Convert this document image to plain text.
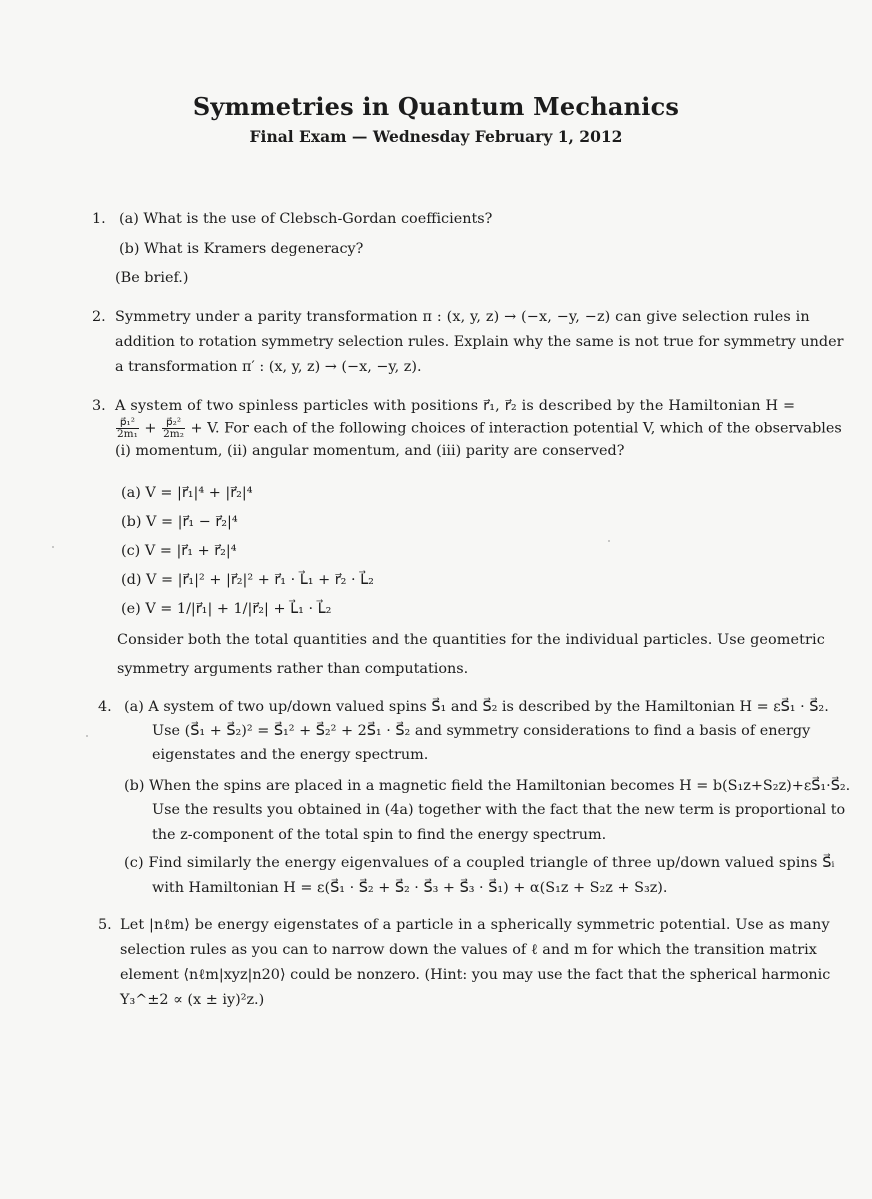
Symmetries in Quantum Mechanics
Final Exam — Wednesday February 1, 2012
1. (a) What is the use of Clebsch-Gordan coefficients?
(b) What is Kramers degeneracy?
(Be brief.)
2. Symmetry under a parity transformation π : (x, y, z) → (−x, −y, −z) can give selection rules in
addition to rotation symmetry selection rules. Explain why the same is not true for symmetry under
a transformation π′ : (x, y, z) → (−x, −y, z).
3. A system of two spinless particles with positions r⃗₁, r⃗₂ is described by the Hamiltonian H =
$\frac{\text{p⃗₁²}}{\text{2m₁}} + \frac{\text{p⃗₂²}}{\text{2m₂}} + V$. For each of the following choices of interaction potential V, which of the observables
(i) momentum, (ii) angular momentum, and (iii) parity are conserved?
(a) V = |r⃗₁|⁴ + |r⃗₂|⁴
(b) V = |r⃗₁ − r⃗₂|⁴
(c) V = |r⃗₁ + r⃗₂|⁴
(d) V = |r⃗₁|² + |r⃗₂|² + r⃗₁ · L⃗₁ + r⃗₂ · L⃗₂
(e) V = 1/|r⃗₁| + 1/|r⃗₂| + L⃗₁ · L⃗₂
Consider both the total quantities and the quantities for the individual particles. Use geometric
symmetry arguments rather than computations.
4. (a) A system of two up/down valued spins S⃗₁ and S⃗₂ is described by the Hamiltonian H = εS⃗₁ · S⃗₂.
Use (S⃗₁ + S⃗₂)² = S⃗₁² + S⃗₂² + 2S⃗₁ · S⃗₂ and symmetry considerations to find a basis of energy
eigenstates and the energy spectrum.
(b) When the spins are placed in a magnetic field the Hamiltonian becomes H = b(S₁z+S₂z)+εS⃗₁·S⃗₂.
Use the results you obtained in (4a) together with the fact that the new term is proportional to
the z-component of the total spin to find the energy spectrum.
(c) Find similarly the energy eigenvalues of a coupled triangle of three up/down valued spins S⃗ᵢ
with Hamiltonian H = ε(S⃗₁ · S⃗₂ + S⃗₂ · S⃗₃ + S⃗₃ · S⃗₁) + α(S₁z + S₂z + S₃z).
5. Let |nℓm⟩ be energy eigenstates of a particle in a spherically symmetric potential. Use as many
selection rules as you can to narrow down the values of ℓ and m for which the transition matrix
element ⟨nℓm|xyz|n20⟩ could be nonzero. (Hint: you may use the fact that the spherical harmonic
Y₃^±2 ∝ (x ± iy)²z.)
